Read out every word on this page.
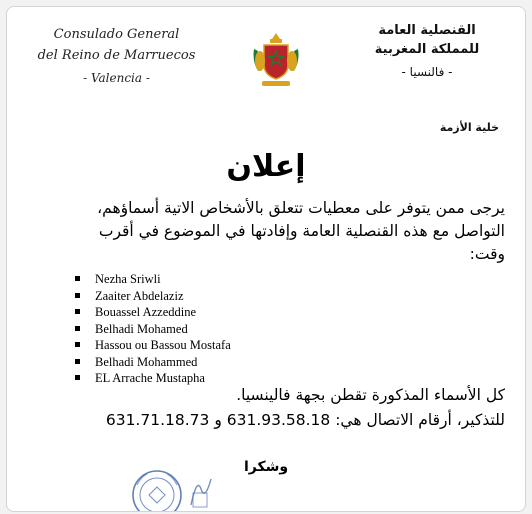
Consulado General
del Reino de Marruecos
- Valencia -
القنصلية العامة
للمملكة المغربية
- فالنسيا -
خلية الأزمة
إعلان
يرجى ممن يتوفر على معطيات تتعلق بالأشخاص الاتية أسماؤهم، التواصل مع هذه القنصلية العامة وإفادتها في الموضوع في أقرب وقت:
Nezha Sriwli
Zaaiter Abdelaziz
Bouassel Azzeddine
Belhadi Mohamed
Hassou ou Bassou Mostafa
Belhadi Mohammed
EL Arrache Mustapha
كل الأسماء المذكورة تقطن بجهة فالينسيا.
للتذكير، أرقام الاتصال هي: 631.93.58.18 و 631.71.18.73
وشكرا
